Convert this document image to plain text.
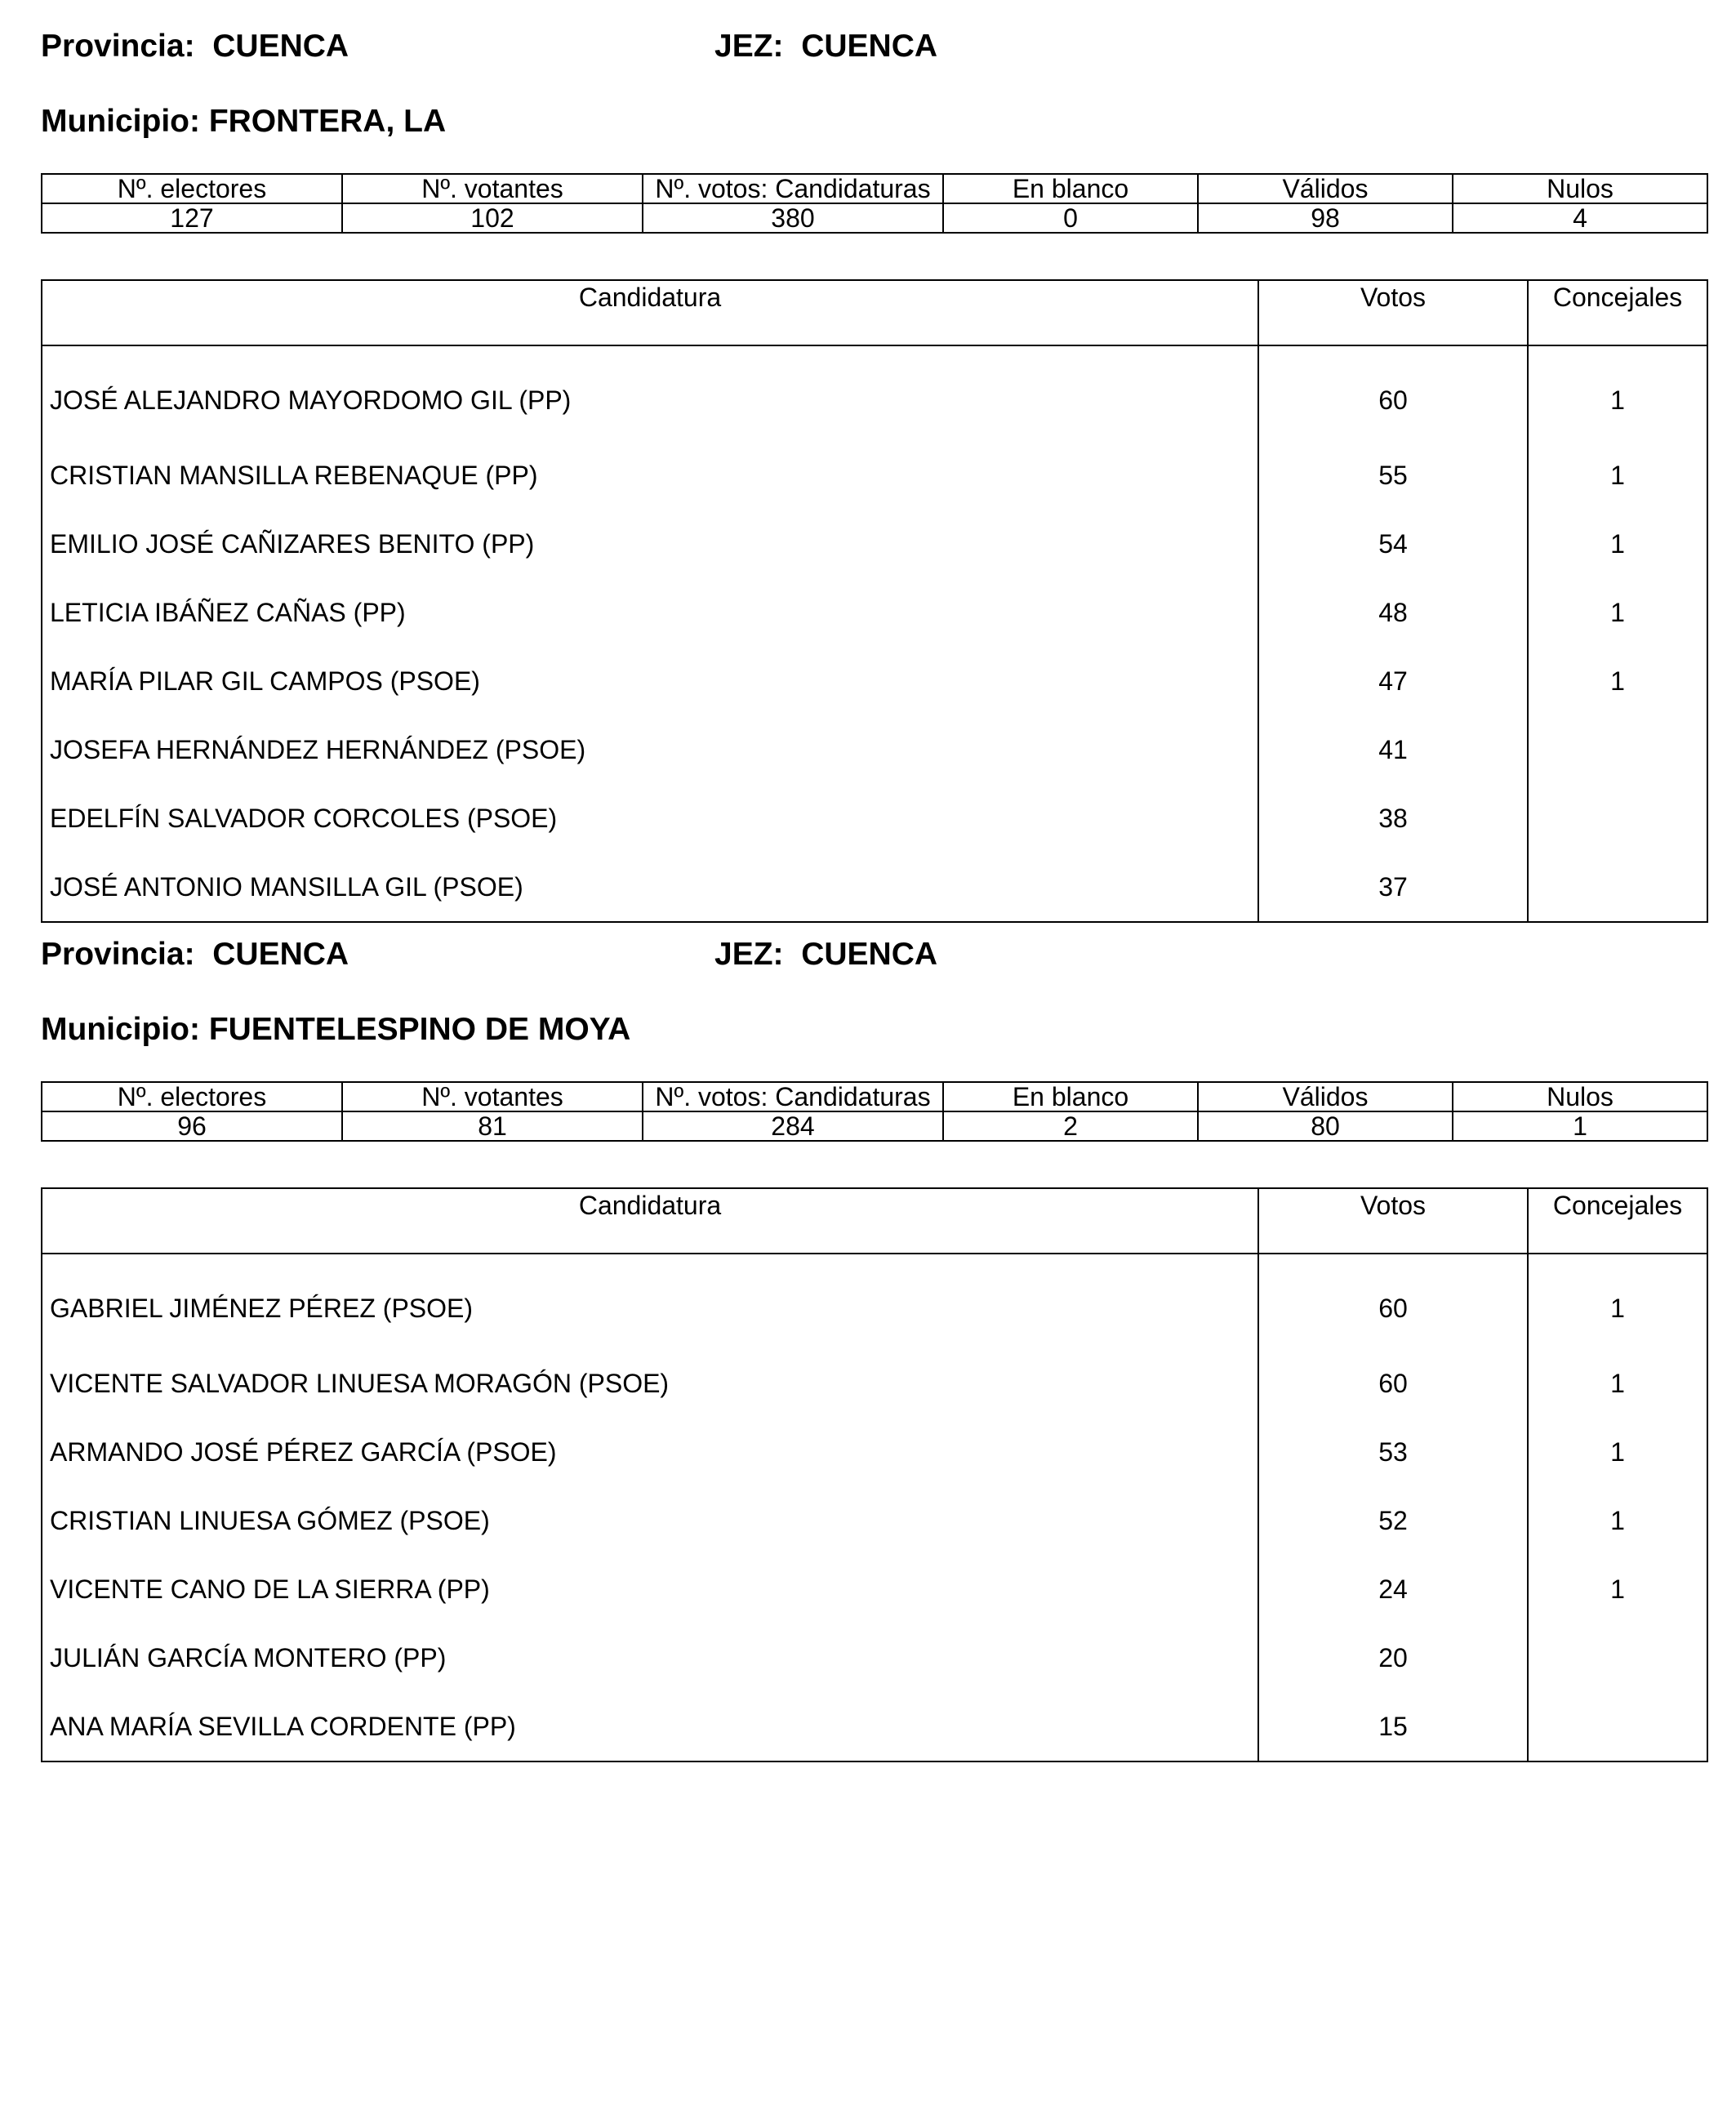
Provincia: CUENCA	JEZ: CUENCA
Municipio: FRONTERA, LA
Nº. electores	Nº. votantes	Nº. votos: Candidaturas	En blanco	Válidos	Nulos
127	102	380	0	98	4
Candidatura	Votos	Concejales
JOSÉ ALEJANDRO MAYORDOMO GIL (PP)	60	1
CRISTIAN MANSILLA REBENAQUE (PP)	55	1
EMILIO JOSÉ CAÑIZARES BENITO (PP)	54	1
LETICIA IBÁÑEZ CAÑAS (PP)	48	1
MARÍA PILAR GIL CAMPOS (PSOE)	47	1
JOSEFA HERNÁNDEZ HERNÁNDEZ (PSOE)	41	
EDELFÍN SALVADOR CORCOLES (PSOE)	38	
JOSÉ ANTONIO MANSILLA GIL (PSOE)	37	
Provincia: CUENCA	JEZ: CUENCA
Municipio: FUENTELESPINO DE MOYA
Nº. electores	Nº. votantes	Nº. votos: Candidaturas	En blanco	Válidos	Nulos
96	81	284	2	80	1
Candidatura	Votos	Concejales
GABRIEL JIMÉNEZ PÉREZ (PSOE)	60	1
VICENTE SALVADOR LINUESA MORAGÓN (PSOE)	60	1
ARMANDO JOSÉ PÉREZ GARCÍA (PSOE)	53	1
CRISTIAN LINUESA GÓMEZ (PSOE)	52	1
VICENTE CANO DE LA SIERRA (PP)	24	1
JULIÁN GARCÍA MONTERO (PP)	20	
ANA MARÍA SEVILLA CORDENTE (PP)	15	
